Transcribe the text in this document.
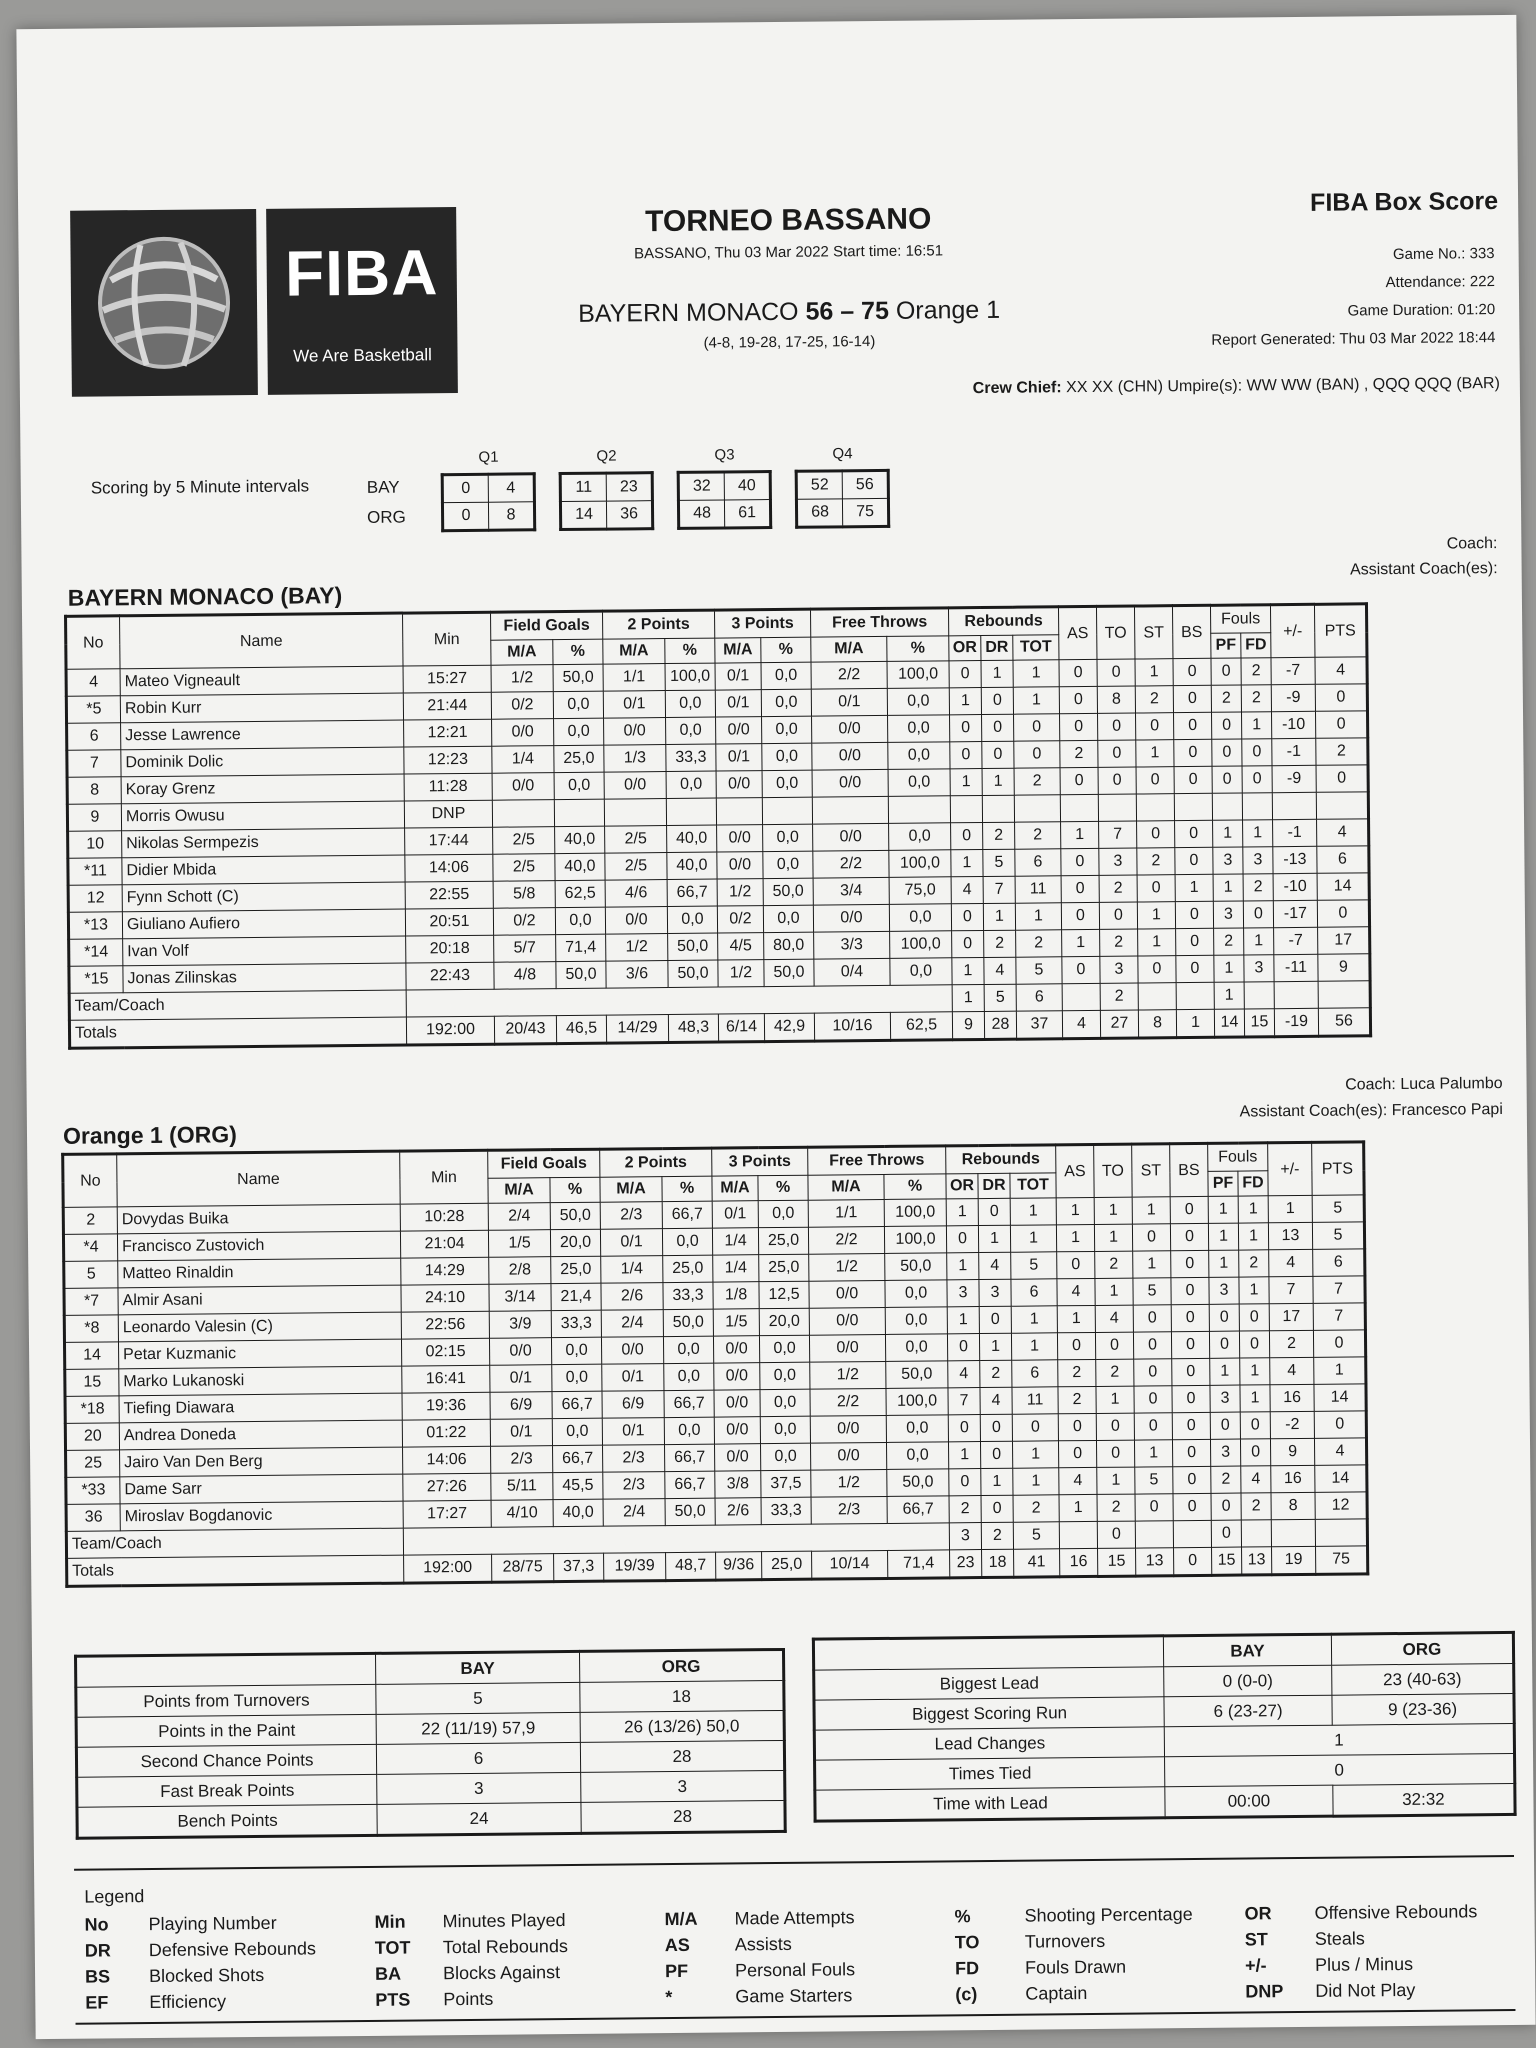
FIBA
We Are Basketball
TORNEO BASSANO
BASSANO, Thu 03 Mar 2022 Start time: 16:51
BAYERN MONACO 56 – 75 Orange 1
(4-8, 19-28, 17-25, 16-14)
FIBA Box Score
Game No.: 333
Attendance: 222
Game Duration: 01:20
Report Generated: Thu 03 Mar 2022 18:44
Crew Chief: XX XX (CHN) Umpire(s): WW WW (BAN) , QQQ QQQ (BAR)
Scoring by 5 Minute intervals	BAY
ORG
Q1
0	4
0	8
Q2
11	23
14	36
Q3
32	40
48	61
Q4
52	56
68	75
BAYERN MONACO (BAY)
Coach:
Assistant Coach(es):
No	Name	Min	Field Goals		2 Points		3 Points		Free Throws		Rebounds			AS	TO	ST	BS	Fouls		+/-	PTS
			M/A	%	M/A	%	M/A	%	M/A	%	OR	DR	TOT					PF	FD		
4	Mateo Vigneault	15:27	1/2	50,0	1/1	100,0	0/1	0,0	2/2	100,0	0	1	1	0	0	1	0	0	2	-7	4
*5	Robin Kurr	21:44	0/2	0,0	0/1	0,0	0/1	0,0	0/1	0,0	1	0	1	0	8	2	0	2	2	-9	0
6	Jesse Lawrence	12:21	0/0	0,0	0/0	0,0	0/0	0,0	0/0	0,0	0	0	0	0	0	0	0	0	1	-10	0
7	Dominik Dolic	12:23	1/4	25,0	1/3	33,3	0/1	0,0	0/0	0,0	0	0	0	2	0	1	0	0	0	-1	2
8	Koray Grenz	11:28	0/0	0,0	0/0	0,0	0/0	0,0	0/0	0,0	1	1	2	0	0	0	0	0	0	-9	0
9	Morris Owusu	DNP																			
10	Nikolas Sermpezis	17:44	2/5	40,0	2/5	40,0	0/0	0,0	0/0	0,0	0	2	2	1	7	0	0	1	1	-1	4
*11	Didier Mbida	14:06	2/5	40,0	2/5	40,0	0/0	0,0	2/2	100,0	1	5	6	0	3	2	0	3	3	-13	6
12	Fynn Schott (C)	22:55	5/8	62,5	4/6	66,7	1/2	50,0	3/4	75,0	4	7	11	0	2	0	1	1	2	-10	14
*13	Giuliano Aufiero	20:51	0/2	0,0	0/0	0,0	0/2	0,0	0/0	0,0	0	1	1	0	0	1	0	3	0	-17	0
*14	Ivan Volf	20:18	5/7	71,4	1/2	50,0	4/5	80,0	3/3	100,0	0	2	2	1	2	1	0	2	1	-7	17
*15	Jonas Zilinskas	22:43	4/8	50,0	3/6	50,0	1/2	50,0	0/4	0,0	1	4	5	0	3	0	0	1	3	-11	9
Team/Coach											1	5	6		2			1			
Totals		192:00	20/43	46,5	14/29	48,3	6/14	42,9	10/16	62,5	9	28	37	4	27	8	1	14	15	-19	56
Orange 1 (ORG)
Coach: Luca Palumbo
Assistant Coach(es): Francesco Papi
No	Name	Min	Field Goals		2 Points		3 Points		Free Throws		Rebounds			AS	TO	ST	BS	Fouls		+/-	PTS
			M/A	%	M/A	%	M/A	%	M/A	%	OR	DR	TOT					PF	FD		
2	Dovydas Buika	10:28	2/4	50,0	2/3	66,7	0/1	0,0	1/1	100,0	1	0	1	1	1	1	0	1	1	1	5
*4	Francisco Zustovich	21:04	1/5	20,0	0/1	0,0	1/4	25,0	2/2	100,0	0	1	1	1	1	0	0	1	1	13	5
5	Matteo Rinaldin	14:29	2/8	25,0	1/4	25,0	1/4	25,0	1/2	50,0	1	4	5	0	2	1	0	1	2	4	6
*7	Almir Asani	24:10	3/14	21,4	2/6	33,3	1/8	12,5	0/0	0,0	3	3	6	4	1	5	0	3	1	7	7
*8	Leonardo Valesin (C)	22:56	3/9	33,3	2/4	50,0	1/5	20,0	0/0	0,0	1	0	1	1	4	0	0	0	0	17	7
14	Petar Kuzmanic	02:15	0/0	0,0	0/0	0,0	0/0	0,0	0/0	0,0	0	1	1	0	0	0	0	0	0	2	0
15	Marko Lukanoski	16:41	0/1	0,0	0/1	0,0	0/0	0,0	1/2	50,0	4	2	6	2	2	0	0	1	1	4	1
*18	Tiefing Diawara	19:36	6/9	66,7	6/9	66,7	0/0	0,0	2/2	100,0	7	4	11	2	1	0	0	3	1	16	14
20	Andrea Doneda	01:22	0/1	0,0	0/1	0,0	0/0	0,0	0/0	0,0	0	0	0	0	0	0	0	0	0	-2	0
25	Jairo Van Den Berg	14:06	2/3	66,7	2/3	66,7	0/0	0,0	0/0	0,0	1	0	1	0	0	1	0	3	0	9	4
*33	Dame Sarr	27:26	5/11	45,5	2/3	66,7	3/8	37,5	1/2	50,0	0	1	1	4	1	5	0	2	4	16	14
36	Miroslav Bogdanovic	17:27	4/10	40,0	2/4	50,0	2/6	33,3	2/3	66,7	2	0	2	1	2	0	0	0	2	8	12
Team/Coach											3	2	5		0			0			
Totals		192:00	28/75	37,3	19/39	48,7	9/36	25,0	10/14	71,4	23	18	41	16	15	13	0	15	13	19	75
	BAY	ORG
Points from Turnovers	5	18
Points in the Paint	22 (11/19) 57,9	26 (13/26) 50,0
Second Chance Points	6	28
Fast Break Points	3	3
Bench Points	24	28
	BAY	ORG
Biggest Lead	0 (0-0)	23 (40-63)
Biggest Scoring Run	6 (23-27)	9 (23-36)
Lead Changes	1	
Times Tied	0	
Time with Lead	00:00	32:32
Legend
No Playing Number
DR Defensive Rebounds
BS Blocked Shots
EF Efficiency
Min Minutes Played
TOT Total Rebounds
BA Blocks Against
PTS Points
M/A Made Attempts
AS Assists
PF	Personal Fouls
*	Game Starters
%	Shooting Percentage
TO	Turnovers
FD	Fouls Drawn
(c)	Captain
OR Offensive Rebounds
ST	Steals
+/-	Plus / Minus
DNP Did Not Play
